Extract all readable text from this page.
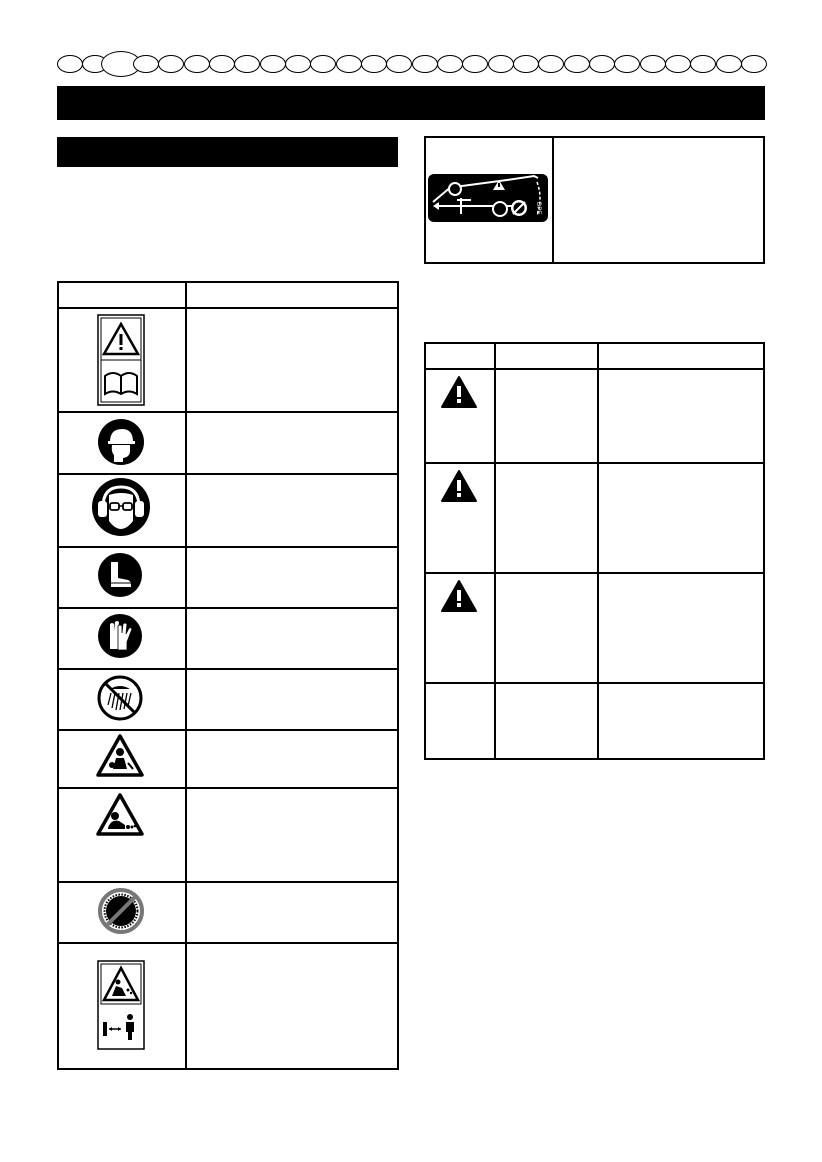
DPE
